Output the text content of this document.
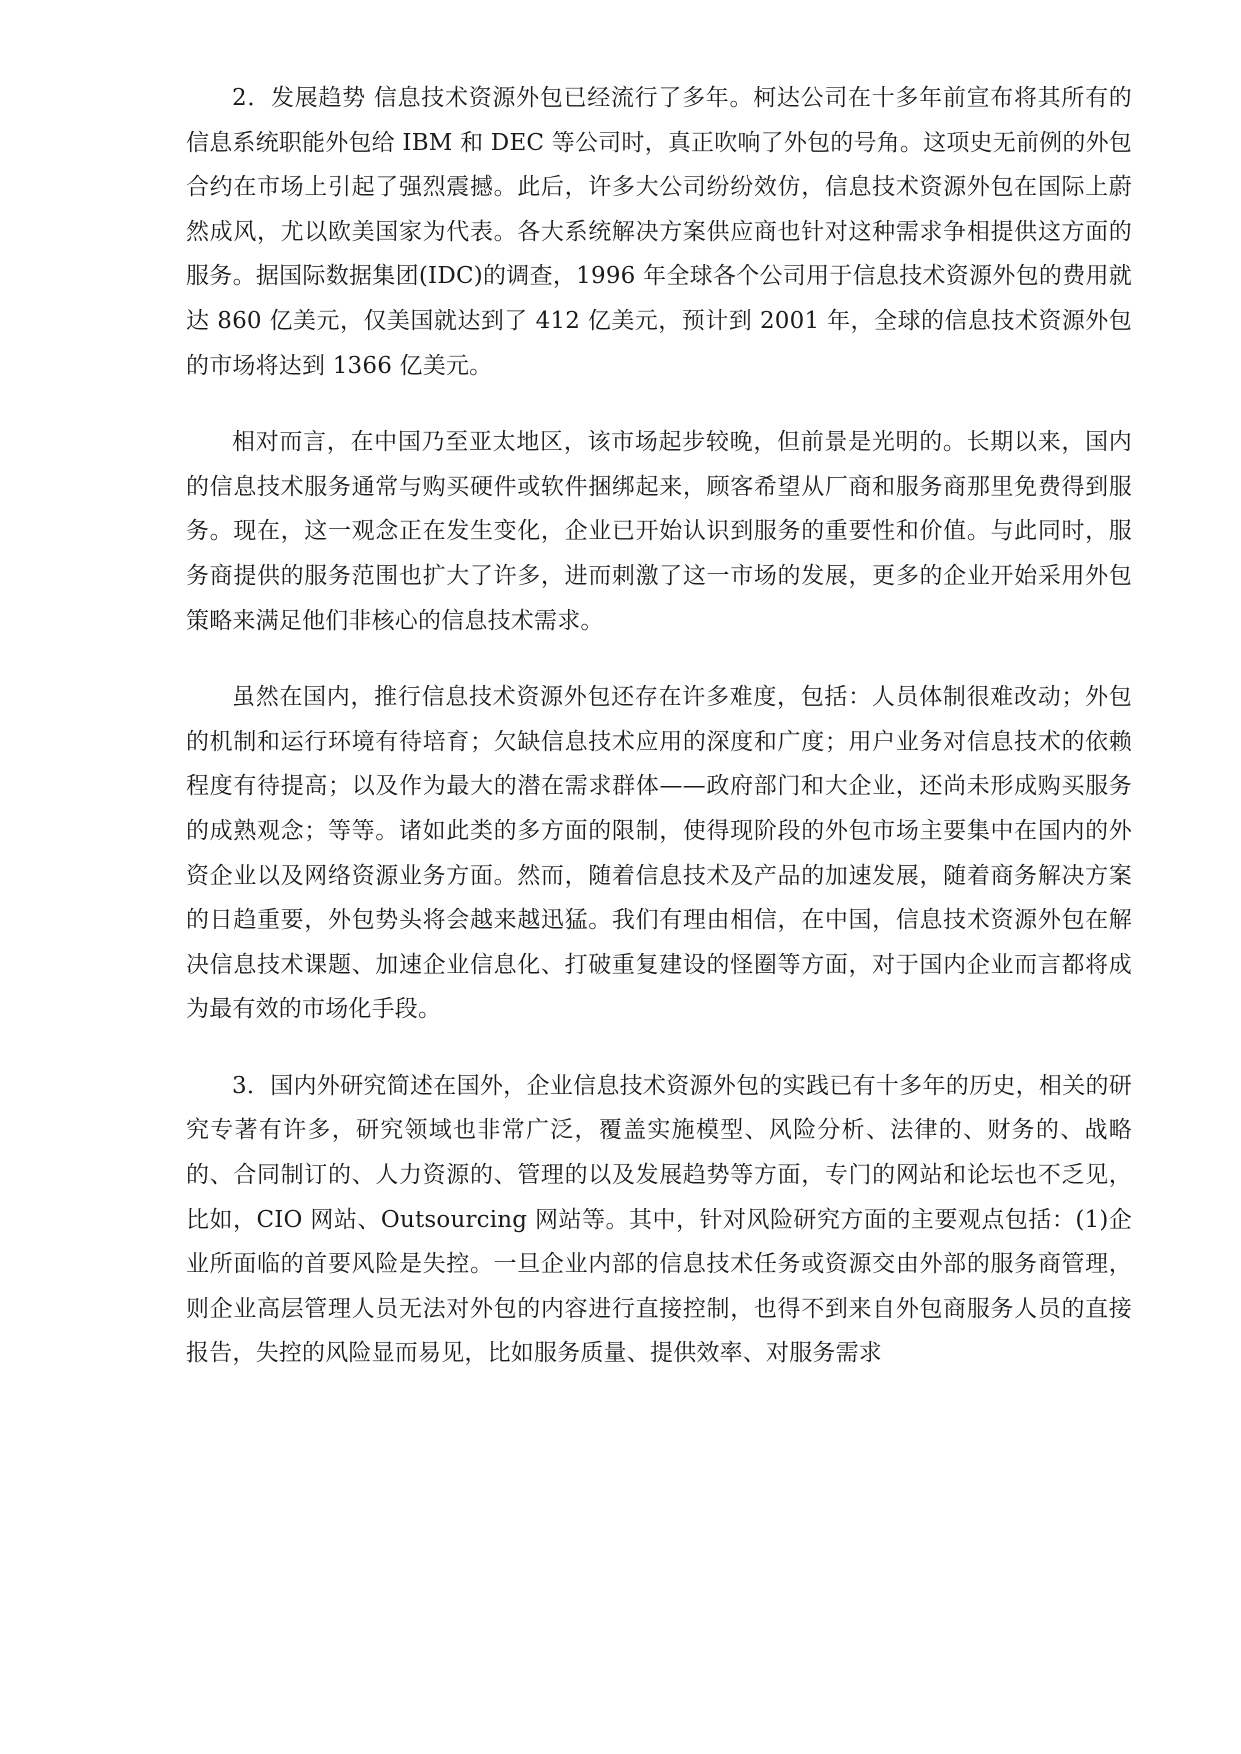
2．发展趋势 信息技术资源外包已经流行了多年。柯达公司在十多年前宣布将其所有的信息系统职能外包给 IBM 和 DEC 等公司时，真正吹响了外包的号角。这项史无前例的外包合约在市场上引起了强烈震撼。此后，许多大公司纷纷效仿，信息技术资源外包在国际上蔚然成风，尤以欧美国家为代表。各大系统解决方案供应商也针对这种需求争相提供这方面的服务。据国际数据集团(IDC)的调查，1996 年全球各个公司用于信息技术资源外包的费用就达 860 亿美元，仅美国就达到了 412 亿美元，预计到 2001 年，全球的信息技术资源外包的市场将达到 1366 亿美元。

相对而言，在中国乃至亚太地区，该市场起步较晚，但前景是光明的。长期以来，国内的信息技术服务通常与购买硬件或软件捆绑起来，顾客希望从厂商和服务商那里免费得到服务。现在，这一观念正在发生变化，企业已开始认识到服务的重要性和价值。与此同时，服务商提供的服务范围也扩大了许多，进而刺激了这一市场的发展，更多的企业开始采用外包策略来满足他们非核心的信息技术需求。

虽然在国内，推行信息技术资源外包还存在许多难度，包括：人员体制很难改动；外包的机制和运行环境有待培育；欠缺信息技术应用的深度和广度；用户业务对信息技术的依赖程度有待提高；以及作为最大的潜在需求群体——政府部门和大企业，还尚未形成购买服务的成熟观念；等等。诸如此类的多方面的限制，使得现阶段的外包市场主要集中在国内的外资企业以及网络资源业务方面。然而，随着信息技术及产品的加速发展，随着商务解决方案的日趋重要，外包势头将会越来越迅猛。我们有理由相信，在中国，信息技术资源外包在解决信息技术课题、加速企业信息化、打破重复建设的怪圈等方面，对于国内企业而言都将成为最有效的市场化手段。

3．国内外研究简述在国外，企业信息技术资源外包的实践已有十多年的历史，相关的研究专著有许多，研究领域也非常广泛，覆盖实施模型、风险分析、法律的、财务的、战略的、合同制订的、人力资源的、管理的以及发展趋势等方面，专门的网站和论坛也不乏见，比如，CIO 网站、Outsourcing 网站等。其中，针对风险研究方面的主要观点包括：(1)企业所面临的首要风险是失控。一旦企业内部的信息技术任务或资源交由外部的服务商管理，则企业高层管理人员无法对外包的内容进行直接控制，也得不到来自外包商服务人员的直接报告，失控的风险显而易见，比如服务质量、提供效率、对服务需求
